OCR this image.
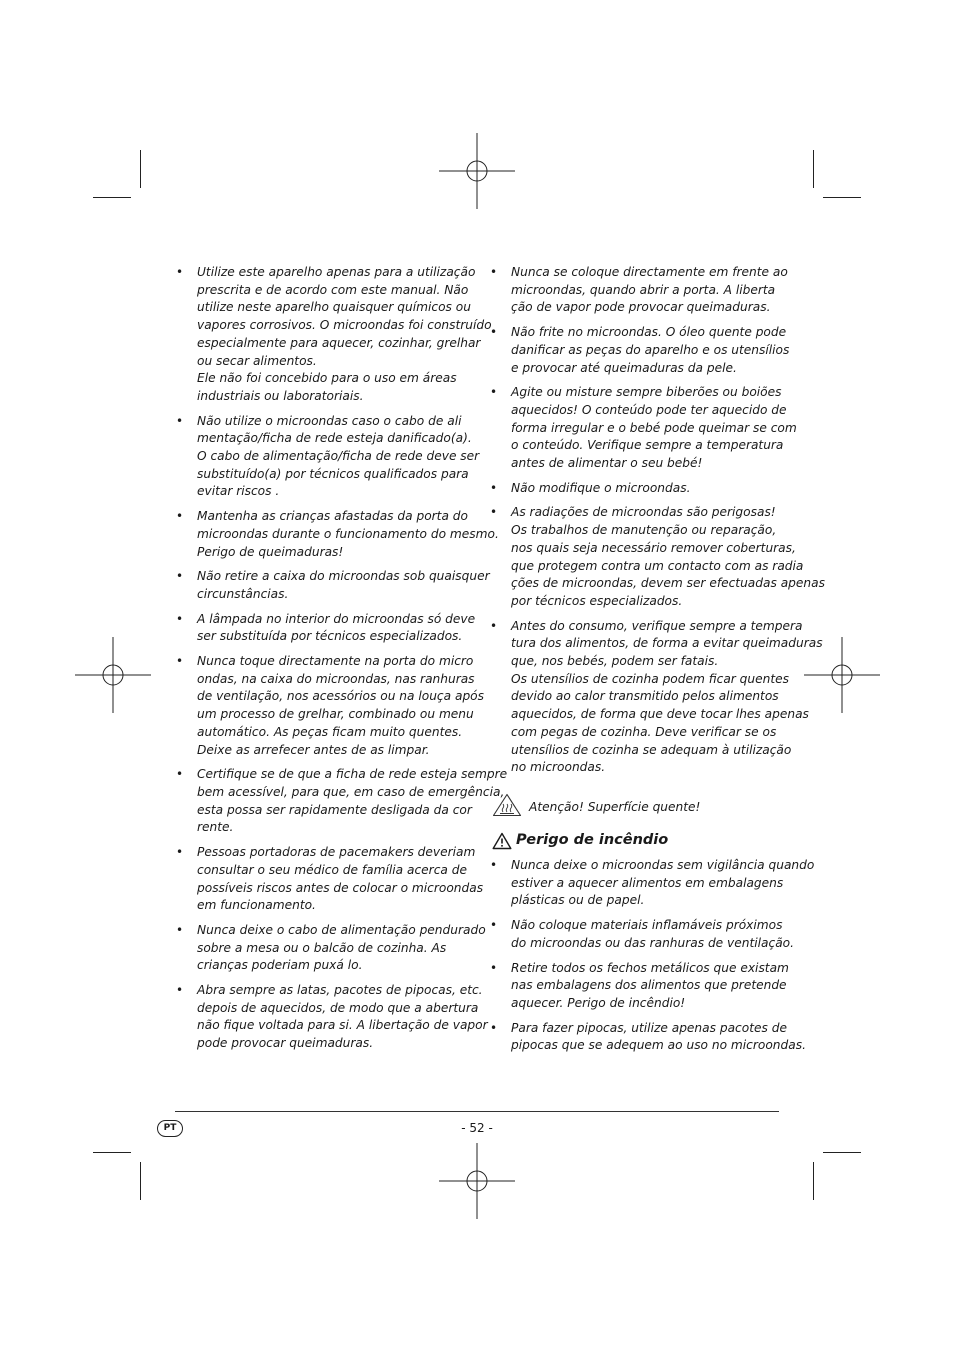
• Utilize este aparelho apenas para a utilização
prescrita e de acordo com este manual. Não
utilize neste aparelho quaisquer químicos ou
vapores corrosivos. O microondas foi construído
especialmente para aquecer, cozinhar, grelhar
ou secar alimentos.
Ele não foi concebido para o uso em áreas
industriais ou laboratoriais.
• Não utilize o microondas caso o cabo de ali
mentação/ficha de rede esteja danificado(a).
O cabo de alimentação/ficha de rede deve ser
substituído(a) por técnicos qualificados para
evitar riscos .
• Mantenha as crianças afastadas da porta do
microondas durante o funcionamento do mesmo.
Perigo de queimaduras!
• Não retire a caixa do microondas sob quaisquer
circunstâncias.
• A lâmpada no interior do microondas só deve
ser substituída por técnicos especializados.
• Nunca toque directamente na porta do micro
ondas, na caixa do microondas, nas ranhuras
de ventilação, nos acessórios ou na louça após
um processo de grelhar, combinado ou menu
automático. As peças ficam muito quentes.
Deixe as arrefecer antes de as limpar.
• Certifique se de que a ficha de rede esteja sempre
bem acessível, para que, em caso de emergência,
esta possa ser rapidamente desligada da cor
rente.
• Pessoas portadoras de pacemakers deveriam
consultar o seu médico de família acerca de
possíveis riscos antes de colocar o microondas
em funcionamento.
• Nunca deixe o cabo de alimentação pendurado
sobre a mesa ou o balcão de cozinha. As
crianças poderiam puxá lo.
• Abra sempre as latas, pacotes de pipocas, etc.
depois de aquecidos, de modo que a abertura
não fique voltada para si. A libertação de vapor
pode provocar queimaduras.
• Nunca se coloque directamente em frente ao
microondas, quando abrir a porta. A liberta
ção de vapor pode provocar queimaduras.
• Não frite no microondas. O óleo quente pode
danificar as peças do aparelho e os utensílios
e provocar até queimaduras da pele.
• Agite ou misture sempre biberões ou boiões
aquecidos! O conteúdo pode ter aquecido de
forma irregular e o bebé pode queimar se com
o conteúdo. Verifique sempre a temperatura
antes de alimentar o seu bebé!
• Não modifique o microondas.
• As radiações de microondas são perigosas!
Os trabalhos de manutenção ou reparação,
nos quais seja necessário remover coberturas,
que protegem contra um contacto com as radia
ções de microondas, devem ser efectuadas apenas
por técnicos especializados.
• Antes do consumo, verifique sempre a tempera
tura dos alimentos, de forma a evitar queimaduras
que, nos bebés, podem ser fatais.
Os utensílios de cozinha podem ficar quentes
devido ao calor transmitido pelos alimentos
aquecidos, de forma que deve tocar lhes apenas
com pegas de cozinha. Deve verificar se os
utensílios de cozinha se adequam à utilização
no microondas.
Atenção! Superfície quente!
Perigo de incêndio
• Nunca deixe o microondas sem vigilância quando
estiver a aquecer alimentos em embalagens
plásticas ou de papel.
• Não coloque materiais inflamáveis próximos
do microondas ou das ranhuras de ventilação.
• Retire todos os fechos metálicos que existam
nas embalagens dos alimentos que pretende
aquecer. Perigo de incêndio!
• Para fazer pipocas, utilize apenas pacotes de
pipocas que se adequem ao uso no microondas.
PT	- 52 -
